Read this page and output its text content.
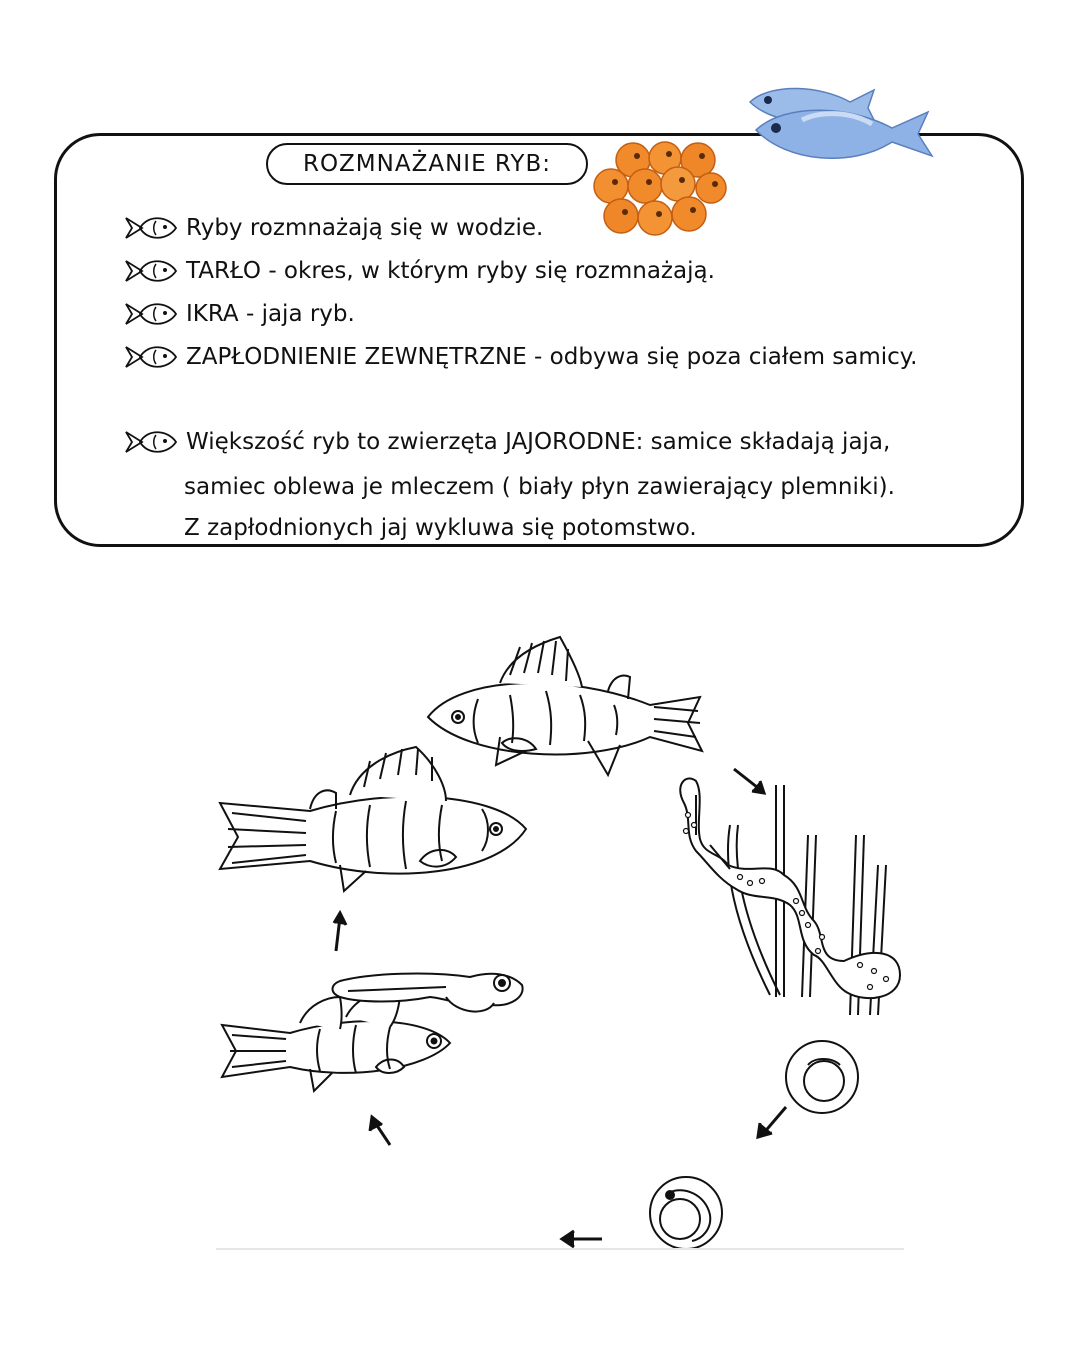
ROZMNAŻANIE RYB:
Ryby rozmnażają się w wodzie.
TARŁO - okres, w którym ryby się rozmnażają.
IKRA - jaja ryb.
ZAPŁODNIENIE ZEWNĘTRZNE - odbywa się poza ciałem samicy.
Większość ryb to zwierzęta JAJORODNE: samice składają jaja,
samiec oblewa je mleczem ( biały płyn zawierający plemniki).
Z zapłodnionych jaj wykluwa się potomstwo.
